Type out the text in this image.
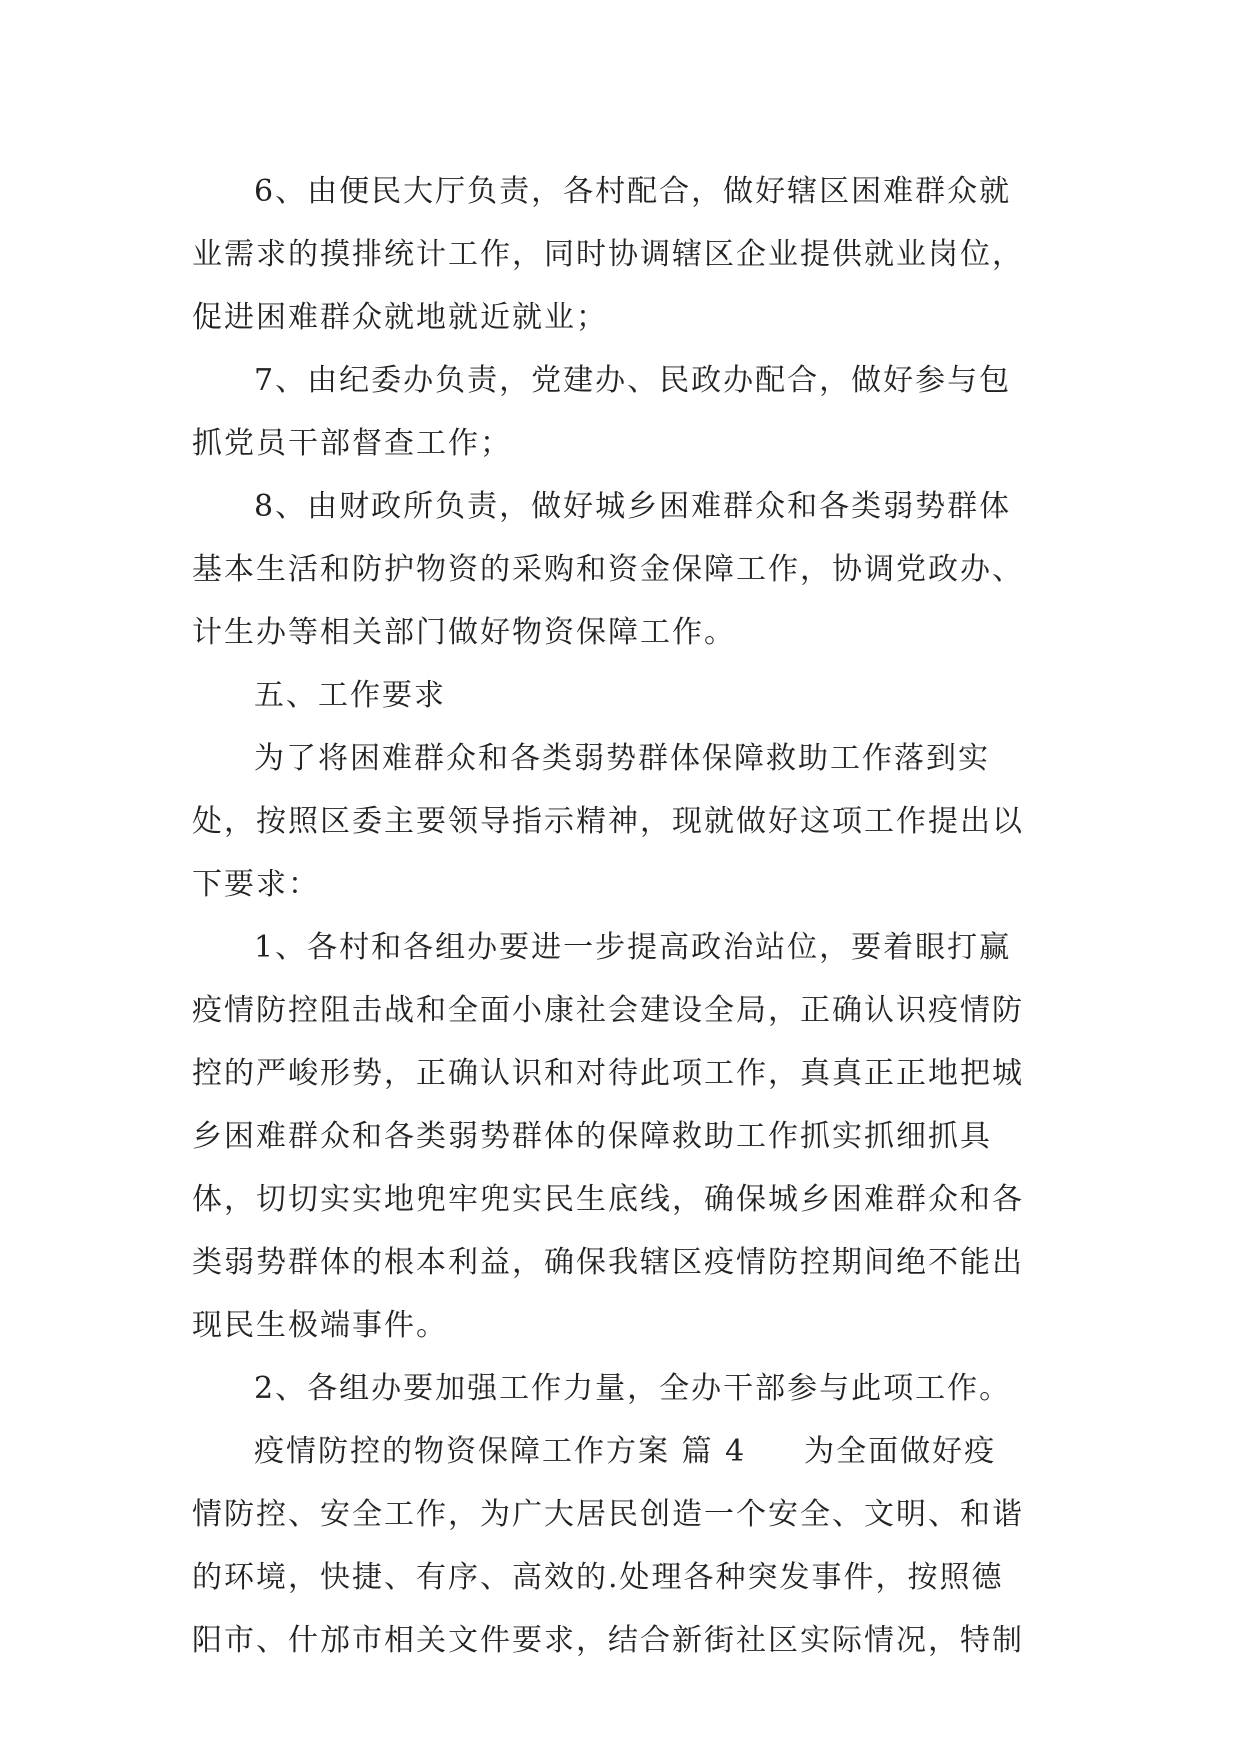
6、由便民大厅负责，各村配合，做好辖区困难群众就
业需求的摸排统计工作，同时协调辖区企业提供就业岗位，
促进困难群众就地就近就业；
7、由纪委办负责，党建办、民政办配合，做好参与包
抓党员干部督查工作；
8、由财政所负责，做好城乡困难群众和各类弱势群体
基本生活和防护物资的采购和资金保障工作，协调党政办、
计生办等相关部门做好物资保障工作。
五、工作要求
为了将困难群众和各类弱势群体保障救助工作落到实
处，按照区委主要领导指示精神，现就做好这项工作提出以
下要求：
1、各村和各组办要进一步提高政治站位，要着眼打赢
疫情防控阻击战和全面小康社会建设全局，正确认识疫情防
控的严峻形势，正确认识和对待此项工作，真真正正地把城
乡困难群众和各类弱势群体的保障救助工作抓实抓细抓具
体，切切实实地兜牢兜实民生底线，确保城乡困难群众和各
类弱势群体的根本利益，确保我辖区疫情防控期间绝不能出
现民生极端事件。
2、各组办要加强工作力量，全办干部参与此项工作。
疫情防控的物资保障工作方案 篇 4 为全面做好疫
情防控、安全工作，为广大居民创造一个安全、文明、和谐
的环境，快捷、有序、高效的.处理各种突发事件，按照德
阳市、什邡市相关文件要求，结合新街社区实际情况，特制
